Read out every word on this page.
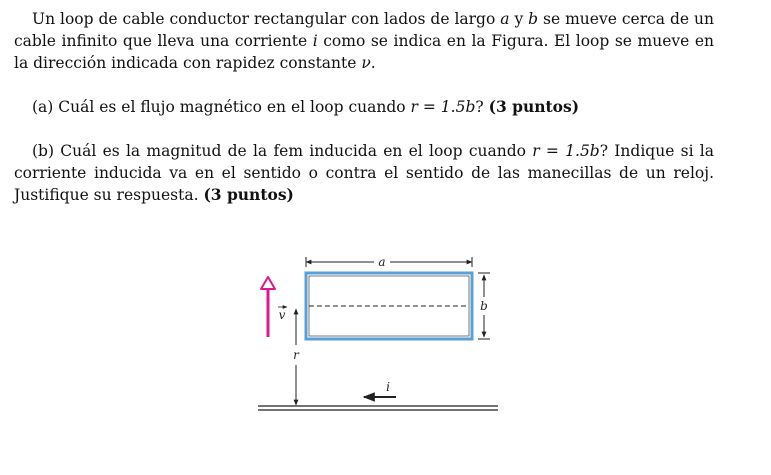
Un loop de cable conductor rectangular con lados de largo a y b se mueve cerca de un cable infinito que lleva una corriente i como se indica en la Figura. El loop se mueve en la dirección indicada con rapidez constante ν.

(a) Cuál es el flujo magnético en el loop cuando r = 1.5b? (3 puntos)

(b) Cuál es la magnitud de la fem inducida en el loop cuando r = 1.5b? Indique si la corriente inducida va en el sentido o contra el sentido de las manecillas de un reloj. Justifique su respuesta. (3 puntos)

a
b
r
v
i
